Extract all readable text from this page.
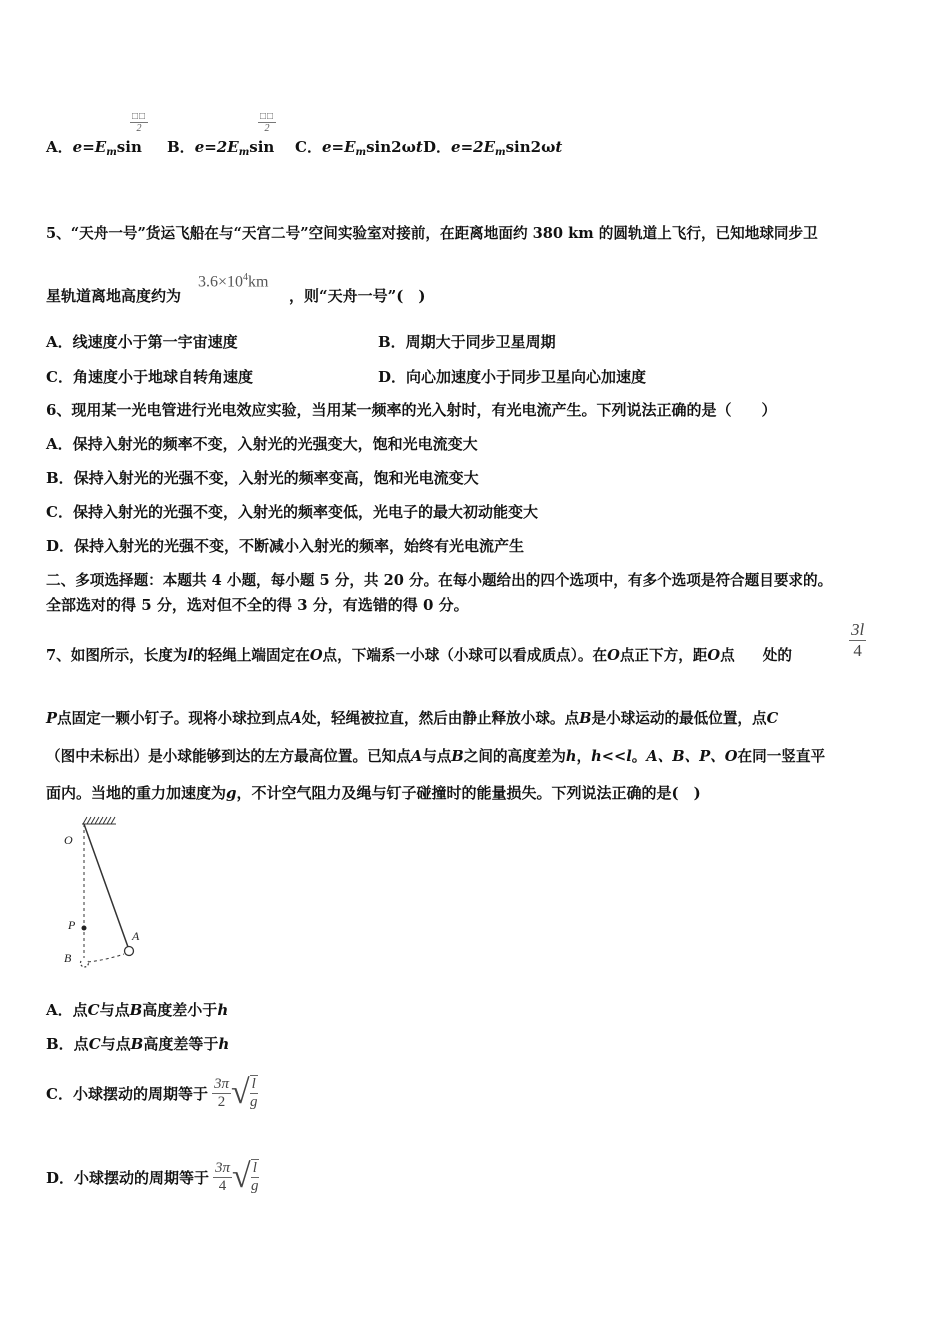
A．$e=E_m\sin$
□□
2
B．$e=2E_m\sin$
□□
2
C．$e=E_m\sin 2\omega t$ D．$e=2E_m\sin 2\omega t$
5、“天舟一号”货运飞船在与“天宫二号”空间实验室对接前，在距离地面约 380 km 的圆轨道上飞行，已知地球同步卫
星轨道离地高度约为	，则“天舟一号”(　)
$3.6\times 10^4km$
A．线速度小于第一宇宙速度	B．周期大于同步卫星周期
C．角速度小于地球自转角速度	D．向心加速度小于同步卫星向心加速度
6、现用某一光电管进行光电效应实验，当用某一频率的光入射时，有光电流产生。下列说法正确的是（　　）
A．保持入射光的频率不变，入射光的光强变大，饱和光电流变大
B．保持入射光的光强不变，入射光的频率变高，饱和光电流变大
C．保持入射光的光强不变，入射光的频率变低，光电子的最大初动能变大
D．保持入射光的光强不变，不断减小入射光的频率，始终有光电流产生
二、多项选择题：本题共 4 小题，每小题 5 分，共 20 分。在每小题给出的四个选项中，有多个选项是符合题目要求的。
全部选对的得 5 分，选对但不全的得 3 分，有选错的得 0 分。
7、如图所示，长度为l的轻绳上端固定在O点，下端系一小球（小球可以看成质点）。在O点正下方，距O点 处的	$\frac{3l}{4}$
P点固定一颗小钉子。现将小球拉到点A处，轻绳被拉直，然后由静止释放小球。点B是小球运动的最低位置，点C
（图中未标出）是小球能够到达的左方最高位置。已知点A与点B之间的高度差为h，h<<l。A、B、P、O在同一竖直平
面内。当地的重力加速度为g，不计空气阻力及绳与钉子碰撞时的能量损失。下列说法正确的是(　)
O
P
B
A
A．点C与点B高度差小于h
B．点C与点B高度差等于h
C．小球摆动的周期等于
3π
2 √ $\frac{l}{g}$
D．小球摆动的周期等于
3π
4 √ $\frac{l}{g}$
